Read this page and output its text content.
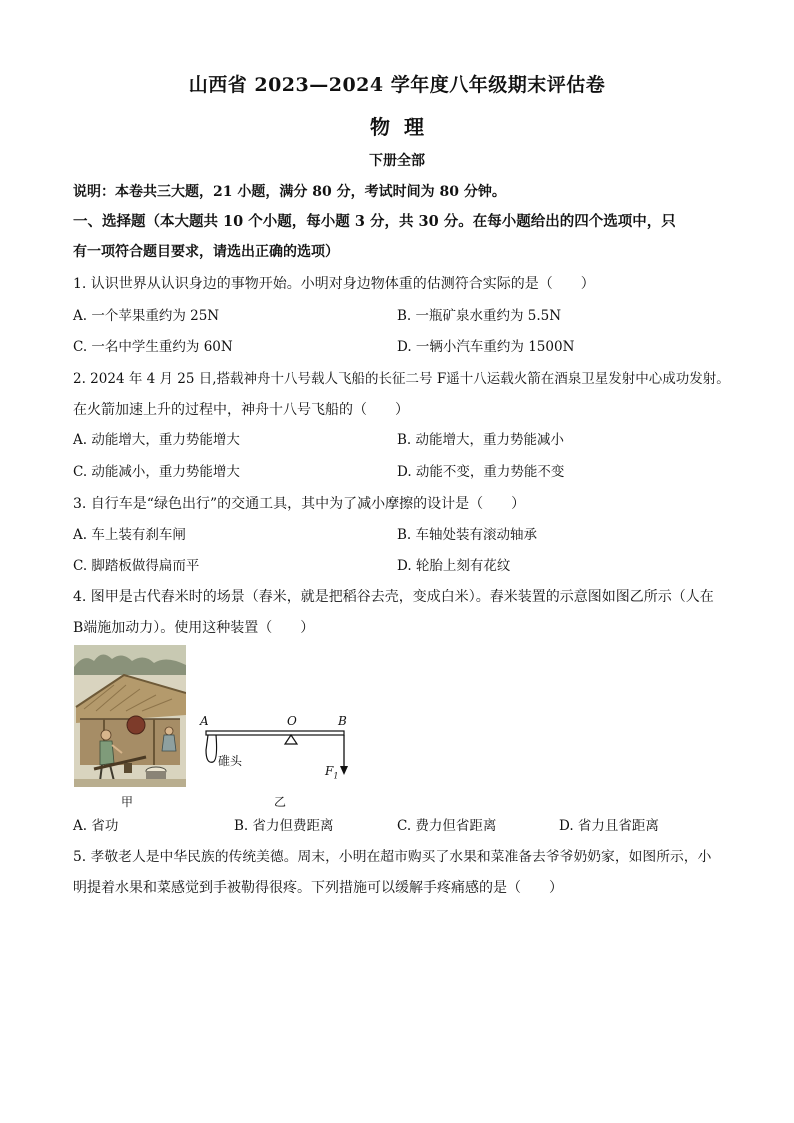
山西省 2023—2024 学年度八年级期末评估卷
物理
下册全部
说明：本卷共三大题，21 小题，满分 80 分，考试时间为 80 分钟。
一、选择题（本大题共 10 个小题，每小题 3 分，共 30 分。在每小题给出的四个选项中，只
有一项符合题目要求，请选出正确的选项）
1. 认识世界从认识身边的事物开始。小明对身边物体重的估测符合实际的是（　　）
A. 一个苹果重约为 25N	B. 一瓶矿泉水重约为 5.5N
C. 一名中学生重约为 60N	D. 一辆小汽车重约为 1500N
2. 2024 年 4 月 25 日,搭载神舟十八号载人飞船的长征二号 F遥十八运载火箭在酒泉卫星发射中心成功发射。
在火箭加速上升的过程中，神舟十八号飞船的（　　）
A. 动能增大，重力势能增大	B. 动能增大，重力势能减小
C. 动能减小，重力势能增大	D. 动能不变，重力势能不变
3. 自行车是“绿色出行”的交通工具，其中为了减小摩擦的设计是（　　）
A. 车上装有刹车闸	B. 车轴处装有滚动轴承
C. 脚踏板做得扁而平	D. 轮胎上刻有花纹
4. 图甲是古代舂米时的场景（舂米，就是把稻谷去壳，变成白米）。舂米装置的示意图如图乙所示（人在
B端施加动力）。使用这种装置（　　）
甲
A	O	B
碓头
$F_1$
乙
A. 省功	B. 省力但费距离	C. 费力但省距离	D. 省力且省距离
5. 孝敬老人是中华民族的传统美德。周末，小明在超市购买了水果和菜准备去爷爷奶奶家，如图所示，小
明提着水果和菜感觉到手被勒得很疼。下列措施可以缓解手疼痛感的是（　　）
